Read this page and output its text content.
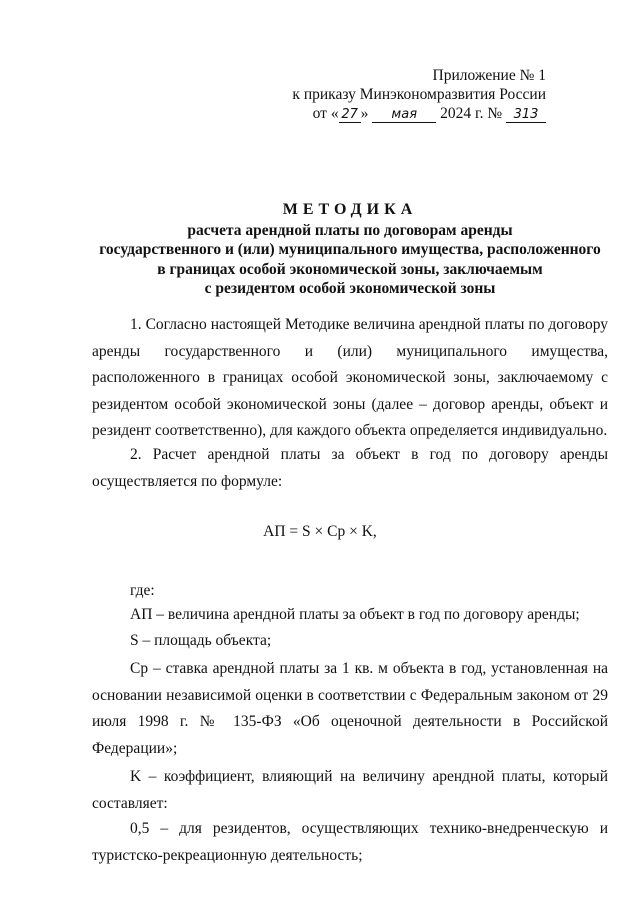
Приложение № 1
к приказу Минэкономразвития России
от « 27 » мая 2024 г. № 313
МЕТОДИКА
расчета арендной платы по договорам аренды
государственного и (или) муниципального имущества, расположенного
в границах особой экономической зоны, заключаемым
с резидентом особой экономической зоны
1. Согласно настоящей Методике величина арендной платы по договору аренды государственного и (или) муниципального имущества, расположенного в границах особой экономической зоны, заключаемому с резидентом особой экономической зоны (далее – договор аренды, объект и резидент соответственно), для каждого объекта определяется индивидуально.
2. Расчет арендной платы за объект в год по договору аренды осуществляется по формуле:
АП = S × Ср × K,
где:
АП – величина арендной платы за объект в год по договору аренды;
S – площадь объекта;
Ср – ставка арендной платы за 1 кв. м объекта в год, установленная на основании независимой оценки в соответствии с Федеральным законом от 29 июля 1998 г. № 135-ФЗ «Об оценочной деятельности в Российской Федерации»;
K – коэффициент, влияющий на величину арендной платы, который составляет:
0,5 – для резидентов, осуществляющих технико-внедренческую и туристско-рекреационную деятельность;
